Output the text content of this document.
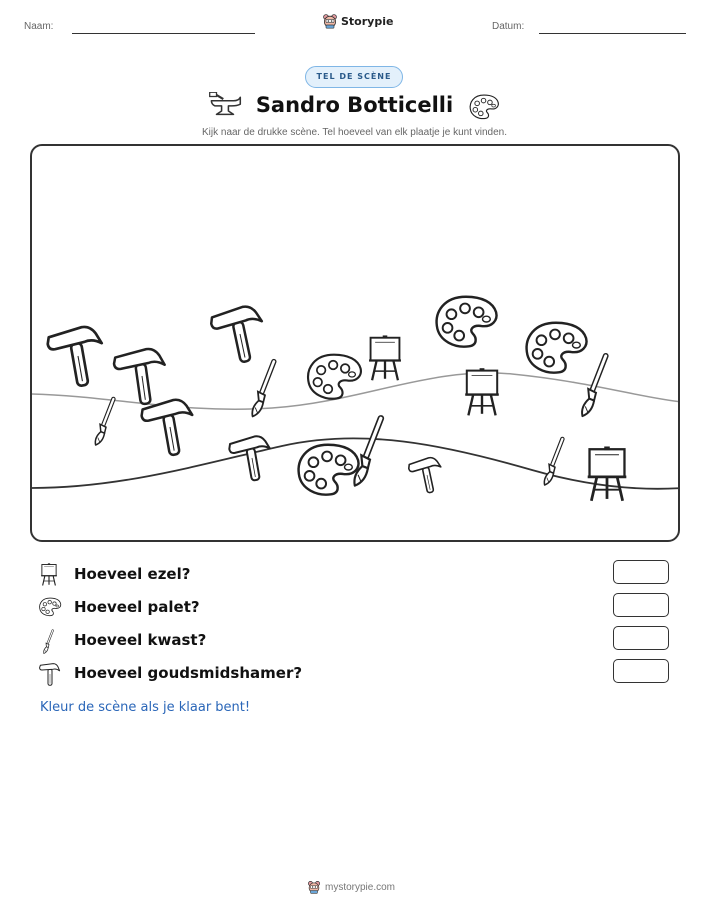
Naam:	Storypie	Datum:
TEL DE SCÈNE
Sandro Botticelli
Kijk naar de drukke scène. Tel hoeveel van elk plaatje je kunt vinden.
Hoeveel ezel?
Hoeveel palet?
Hoeveel kwast?
Hoeveel goudsmidshamer?
Kleur de scène als je klaar bent!
mystorypie.com
